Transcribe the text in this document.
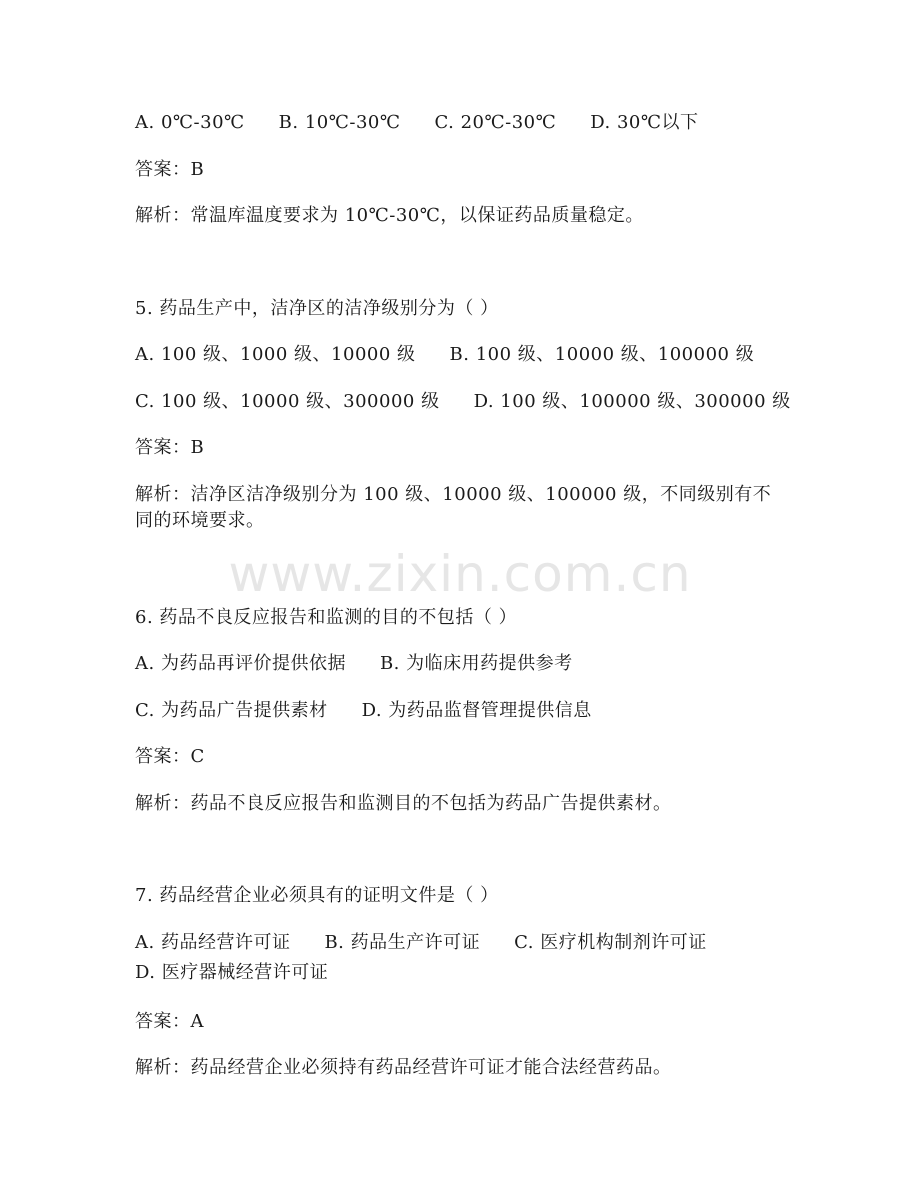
www.zixin.com.cn
A. 0℃-30℃ B. 10℃-30℃ C. 20℃-30℃ D. 30℃以下
答案：B
解析：常温库温度要求为 10℃-30℃，以保证药品质量稳定。
5. 药品生产中，洁净区的洁净级别分为（ ）
A. 100 级、1000 级、10000 级 B. 100 级、10000 级、100000 级
C. 100 级、10000 级、300000 级 D. 100 级、100000 级、300000 级
答案：B
解析：洁净区洁净级别分为 100 级、10000 级、100000 级，不同级别有不同的环境要求。
6. 药品不良反应报告和监测的目的不包括（ ）
A. 为药品再评价提供依据 B. 为临床用药提供参考
C. 为药品广告提供素材 D. 为药品监督管理提供信息
答案：C
解析：药品不良反应报告和监测目的不包括为药品广告提供素材。
7. 药品经营企业必须具有的证明文件是（ ）
A. 药品经营许可证 B. 药品生产许可证 C. 医疗机构制剂许可证
D. 医疗器械经营许可证
答案：A
解析：药品经营企业必须持有药品经营许可证才能合法经营药品。
